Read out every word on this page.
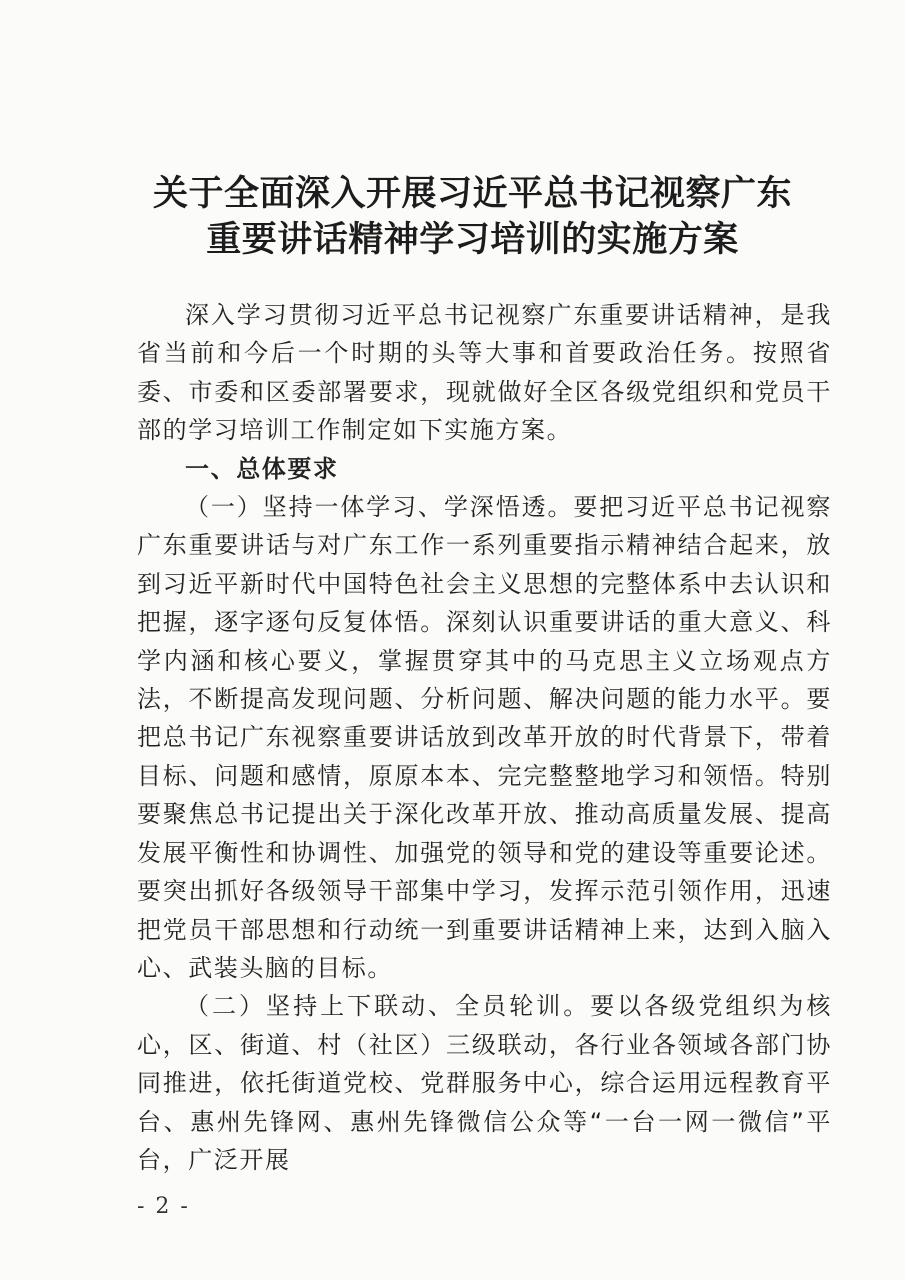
关于全面深入开展习近平总书记视察广东
重要讲话精神学习培训的实施方案

深入学习贯彻习近平总书记视察广东重要讲话精神，是我省当前和今后一个时期的头等大事和首要政治任务。按照省委、市委和区委部署要求，现就做好全区各级党组织和党员干部的学习培训工作制定如下实施方案。

一、总体要求

（一）坚持一体学习、学深悟透。要把习近平总书记视察广东重要讲话与对广东工作一系列重要指示精神结合起来，放到习近平新时代中国特色社会主义思想的完整体系中去认识和把握，逐字逐句反复体悟。深刻认识重要讲话的重大意义、科学内涵和核心要义，掌握贯穿其中的马克思主义立场观点方法，不断提高发现问题、分析问题、解决问题的能力水平。要把总书记广东视察重要讲话放到改革开放的时代背景下，带着目标、问题和感情，原原本本、完完整整地学习和领悟。特别要聚焦总书记提出关于深化改革开放、推动高质量发展、提高发展平衡性和协调性、加强党的领导和党的建设等重要论述。要突出抓好各级领导干部集中学习，发挥示范引领作用，迅速把党员干部思想和行动统一到重要讲话精神上来，达到入脑入心、武装头脑的目标。

（二）坚持上下联动、全员轮训。要以各级党组织为核心，区、街道、村（社区）三级联动，各行业各领域各部门协同推进，依托街道党校、党群服务中心，综合运用远程教育平台、惠州先锋网、惠州先锋微信公众等“一台一网一微信”平台，广泛开展

- 2 -
